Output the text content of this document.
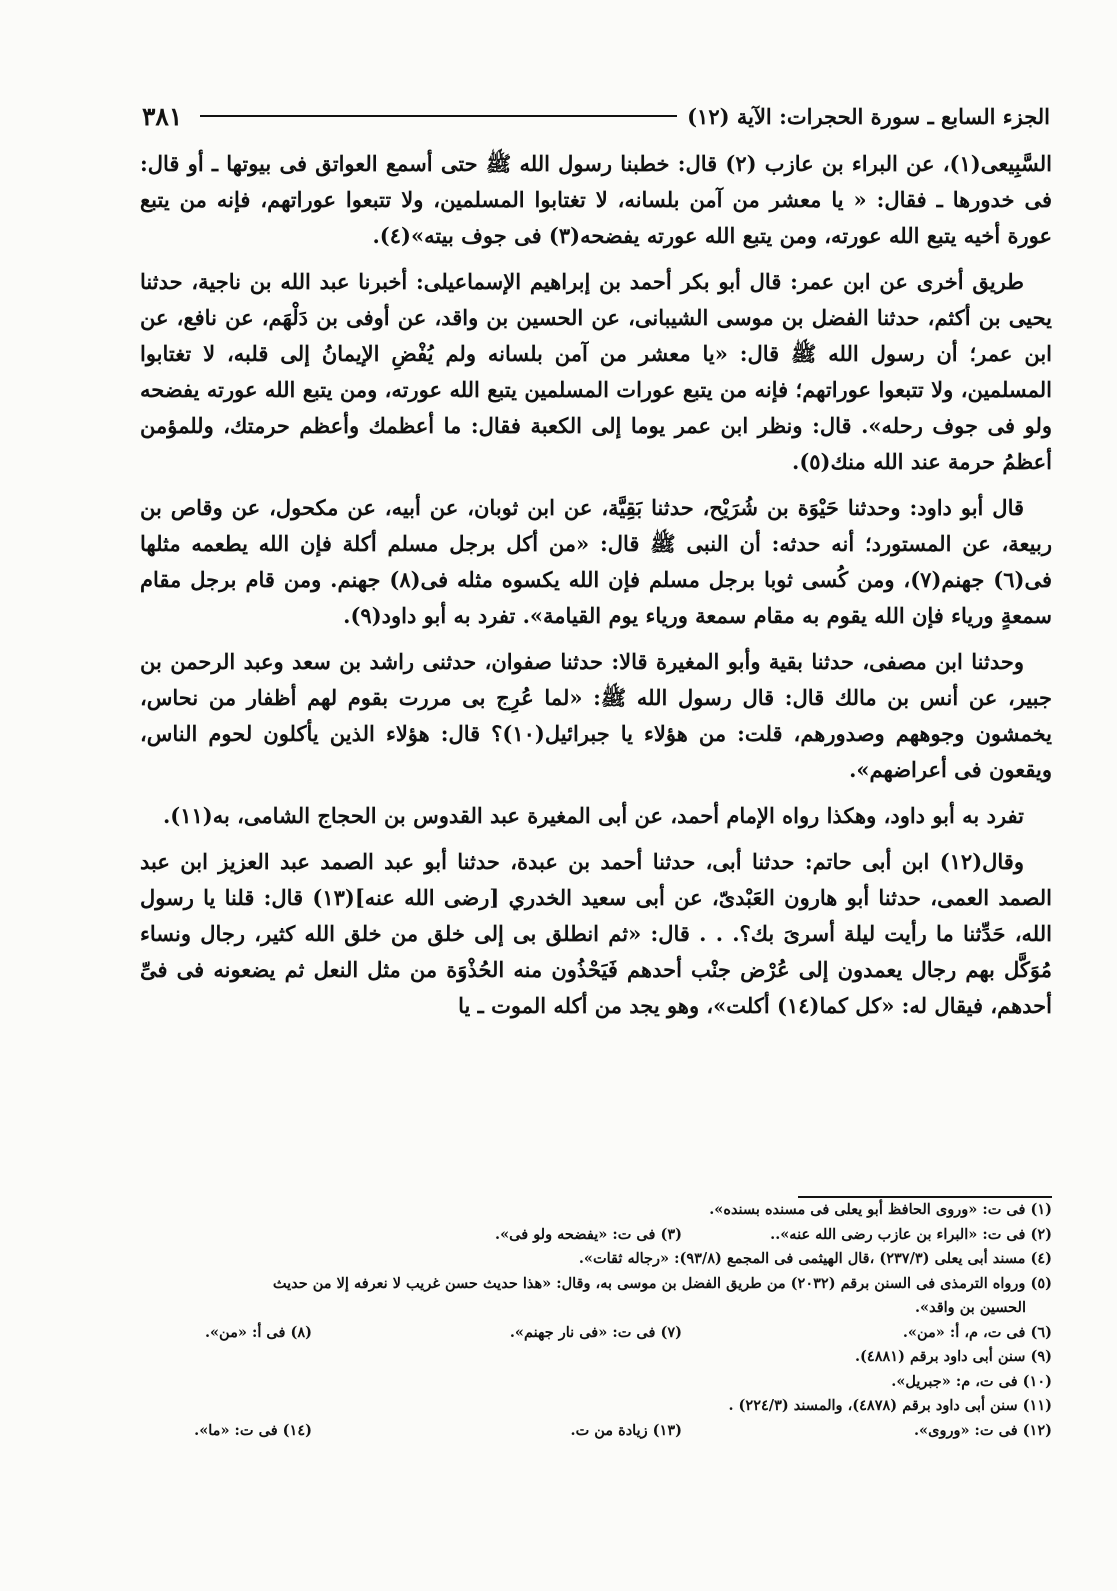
٣٨١	الجزء السابع ـ سورة الحجرات: الآية (١٢)

السَّبِيعى(١)، عن البراء بن عازب (٢) قال: خطبنا رسول الله ﷺ حتى أسمع العواتق فى بيوتها ـ أو قال: فى خدورها ـ فقال: « يا معشر من آمن بلسانه، لا تغتابوا المسلمين، ولا تتبعوا عوراتهم، فإنه من يتبع عورة أخيه يتبع الله عورته، ومن يتبع الله عورته يفضحه(٣) فى جوف بيته»(٤).

طريق أخرى عن ابن عمر: قال أبو بكر أحمد بن إبراهيم الإسماعيلى: أخبرنا عبد الله بن ناجية، حدثنا يحيى بن أكثم، حدثنا الفضل بن موسى الشيبانى، عن الحسين بن واقد، عن أوفى بن دَلْهَم، عن نافع، عن ابن عمر؛ أن رسول الله ﷺ قال: «يا معشر من آمن بلسانه ولم يُفْضِ الإيمانُ إلى قلبه، لا تغتابوا المسلمين، ولا تتبعوا عوراتهم؛ فإنه من يتبع عورات المسلمين يتبع الله عورته، ومن يتبع الله عورته يفضحه ولو فى جوف رحله». قال: ونظر ابن عمر يوما إلى الكعبة فقال: ما أعظمك وأعظم حرمتك، وللمؤمن أعظمُ حرمة عند الله منك(٥).

قال أبو داود: وحدثنا حَيْوَة بن شُرَيْح، حدثنا بَقِيَّة، عن ابن ثوبان، عن أبيه، عن مكحول، عن وقاص بن ربيعة، عن المستورد؛ أنه حدثه: أن النبى ﷺ قال: «من أكل برجل مسلم أكلة فإن الله يطعمه مثلها فى(٦) جهنم(٧)، ومن كُسى ثوبا برجل مسلم فإن الله يكسوه مثله فى(٨) جهنم. ومن قام برجل مقام سمعةٍ ورياء فإن الله يقوم به مقام سمعة ورياء يوم القيامة». تفرد به أبو داود(٩).

وحدثنا ابن مصفى، حدثنا بقية وأبو المغيرة قالا: حدثنا صفوان، حدثنى راشد بن سعد وعبد الرحمن بن جبير، عن أنس بن مالك قال: قال رسول الله ﷺ: «لما عُرِج بى مررت بقوم لهم أظفار من نحاس، يخمشون وجوههم وصدورهم، قلت: من هؤلاء يا جبرائيل(١٠)؟ قال: هؤلاء الذين يأكلون لحوم الناس، ويقعون فى أعراضهم».

تفرد به أبو داود، وهكذا رواه الإمام أحمد، عن أبى المغيرة عبد القدوس بن الحجاج الشامى، به(١١).

وقال(١٢) ابن أبى حاتم: حدثنا أبى، حدثنا أحمد بن عبدة، حدثنا أبو عبد الصمد عبد العزيز ابن عبد الصمد العمى، حدثنا أبو هارون العَبْدىّ، عن أبى سعيد الخدري [رضى الله عنه](١٣) قال: قلنا يا رسول الله، حَدِّثنا ما رأيت ليلة أسرىَ بك؟. . . قال: «ثم انطلق بى إلى خلق من خلق الله كثير، رجال ونساء مُوَكَّل بهم رجال يعمدون إلى عُرْض جنْب أحدهم فَيَحْذُون منه الحُذْوَة من مثل النعل ثم يضعونه فى فىِّ أحدهم، فيقال له: «كل كما(١٤) أكلت»، وهو يجد من أكله الموت ـ يا

(١) فى ت: «وروى الحافظ أبو يعلى فى مسنده بسنده».
(٢) فى ت: «البراء بن عازب رضى الله عنه»..
(٣) فى ت: «يفضحه ولو فى».
(٤) مسند أبى يعلى (٢٣٧/٣) ،قال الهيثمى فى المجمع (٩٣/٨): «رجاله ثقات».
(٥) ورواه الترمذى فى السنن برقم (٢٠٣٢) من طريق الفضل بن موسى به، وقال: «هذا حديث حسن غريب لا نعرفه إلا من حديث
الحسين بن واقد».
(٦) فى ت، م، أ: «من».
(٧) فى ت: «فى نار جهنم».
(٨) فى أ: «من».
(٩) سنن أبى داود برقم (٤٨٨١).
(١٠) فى ت، م: «جبريل».
(١١) سنن أبى داود برقم (٤٨٧٨)، والمسند (٢٢٤/٣) .
(١٢) فى ت: «وروى».
(١٣) زيادة من ت.
(١٤) فى ت: «ما».
